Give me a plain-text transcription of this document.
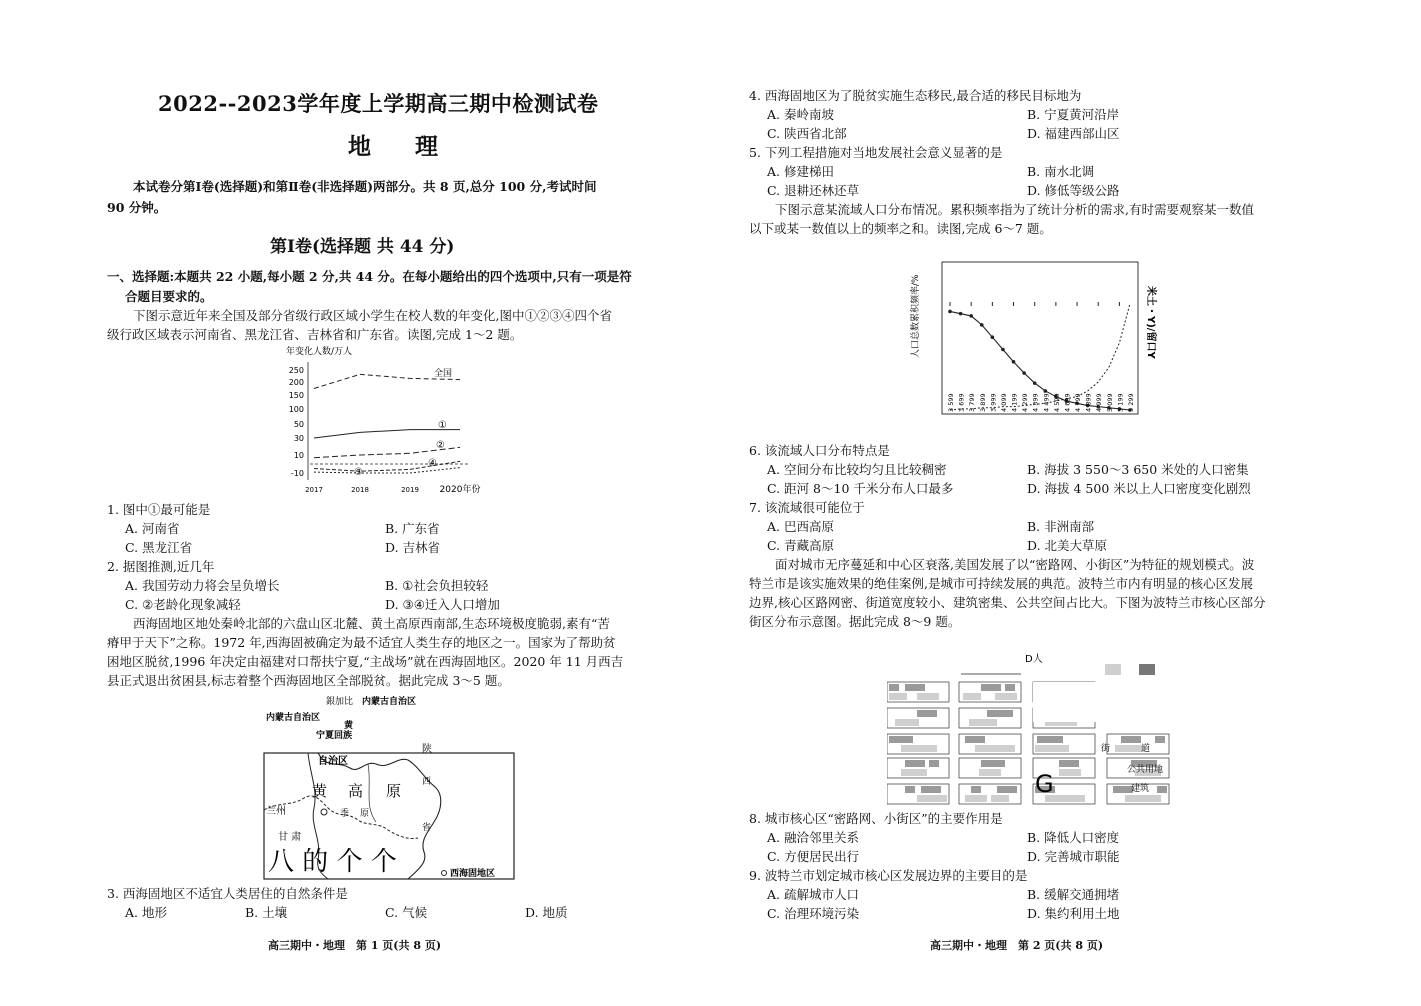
2022--2023学年度上学期高三期中检测试卷
地 理
本试卷分第Ⅰ卷(选择题)和第Ⅱ卷(非选择题)两部分。共 8 页,总分 100 分,考试时间
90 分钟。
第Ⅰ卷(选择题 共 44 分)
一、选择题:本题共 22 小题,每小题 2 分,共 44 分。在每小题给出的四个选项中,只有一项是符
合题目要求的。
下图示意近年来全国及部分省级行政区域小学生在校人数的年变化,图中①②③④四个省
级行政区域表示河南省、黑龙江省、吉林省和广东省。读图,完成 1～2 题。
年变化人数/万人
250
200
150
100
50
30
10
-10
2017	2018	2019 2020年份
全国
①
②
③
④
1. 图中①最可能是
A. 河南省	B. 广东省
C. 黑龙江省	D. 吉林省
2. 据图推测,近几年
A. 我国劳动力将会呈负增长	B. ①社会负担较轻
C. ②老龄化现象减轻	D. ③④迁入人口增加
西海固地区地处秦岭北部的六盘山区北麓、黄土高原西南部,生态环境极度脆弱,素有“苦
瘠甲于天下”之称。1972 年,西海固被确定为最不适宜人类生存的地区之一。国家为了帮助贫
困地区脱贫,1996 年决定由福建对口帮扶宁夏,“主战场”就在西海固地区。2020 年 11 月西吉
县正式退出贫困县,标志着整个西海固地区全部脱贫。据此完成 3～5 题。
銀加比 内蒙古自治区
内蒙古自治区
黄
宁夏回族
自治区
陕
西
省
黄 高 原
季 原
兰州
甘 肃
八 的 个 个	西海固地区
3. 西海固地区不适宜人类居住的自然条件是
A. 地形	B. 土壤	C. 气候	D. 地质
高三期中・地理　第 1 页(共 8 页)
4. 西海固地区为了脱贫实施生态移民,最合适的移民目标地为
A. 秦岭南坡	B. 宁夏黄河沿岸
C. 陕西省北部	D. 福建西部山区
5. 下列工程措施对当地发展社会意义显著的是
A. 修建梯田	B. 南水北调
C. 退耕还林还草	D. 修低等级公路
下图示意某流域人口分布情况。累积频率指为了统计分析的需求,有时需要观察某一数值
以下或某一数值以上的频率之和。读图,完成 6～7 题。
人口总数累积频率/%	米土・Y)/留口Y
3 599 3 699 3 799 3 899 3 999 4 099 4 199 4 299 4 399 4 499 4 599 4 699 4 799 4 899 4 999 5 099 5 199 5 299
6. 该流域人口分布特点是
A. 空间分布比较均匀且比较稠密	B. 海拔 3 550～3 650 米处的人口密集
C. 距河 8～10 千米分布人口最多	D. 海拔 4 500 米以上人口密度变化剧烈
7. 该流域很可能位于
A. 巴西高原	B. 非洲南部
C. 青藏高原	D. 北美大草原
面对城市无序蔓延和中心区衰落,美国发展了以“密路网、小街区”为特征的规划模式。波
特兰市是该实施效果的绝佳案例,是城市可持续发展的典范。波特兰市内有明显的核心区发展
边界,核心区路网密、街道宽度较小、建筑密集、公共空间占比大。下图为波特兰市核心区部分
街区分布示意图。据此完成 8～9 题。
D人
街	道
公共用地
建筑
G
8. 城市核心区“密路网、小街区”的主要作用是
A. 融洽邻里关系	B. 降低人口密度
C. 方便居民出行	D. 完善城市职能
9. 波特兰市划定城市核心区发展边界的主要目的是
A. 疏解城市人口	B. 缓解交通拥堵
C. 治理环境污染	D. 集约利用土地
高三期中・地理　第 2 页(共 8 页)
